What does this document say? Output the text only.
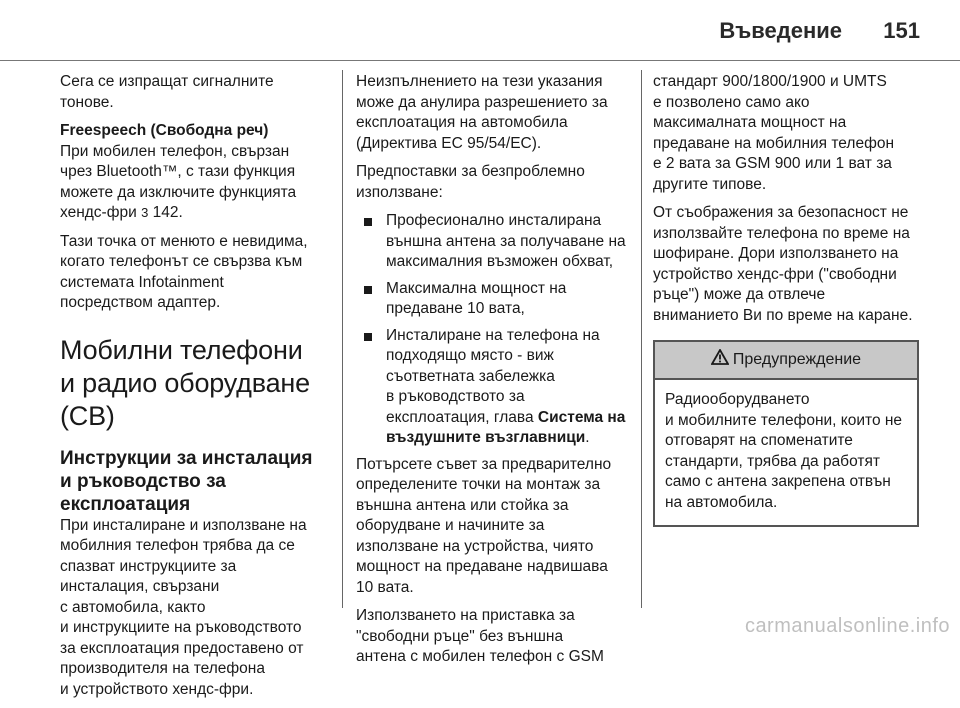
Въведение 151

Сега се изпращат сигналните
тонове.

Freespeech (Свободна реч)

При мобилен телефон, свързан
чрез Bluetooth™, с тази функция
можете да изключите функцията
хендс-фри 3 142.

Тази точка от менюто е невидима,
когато телефонът се свързва към
системата Infotainment
посредством адаптер.

Мобилни телефони
и радио оборудване (CB)
Инструкции за инсталация
и ръководство за
експлоатация

При инсталиране и използване на
мобилния телефон трябва да се
спазват инструкциите за
инсталация, свързани
с автомобила, както
и инструкциите на ръководството
за експлоатация предоставено от
производителя на телефона
и устройството хендс-фри.

Неизпълнението на тези указания
може да анулира разрешението за
експлоатация на автомобила
(Директива ЕС 95/54/ЕС).

Предпоставки за безпроблемно
използване:

Професионално инсталирана
външна антена за получаване на
максималния възможен обхват,
Максимална мощност на
предаване 10 вата,
Инсталиране на телефона на
подходящо място - виж
съответната забележка
в ръководството за
експлоатация, глава Система на
въздушните възглавници.

Потърсете съвет за предварително
определените точки на монтаж за
външна антена или стойка за
оборудване и начините за
използване на устройства, чиято
мощност на предаване надвишава
10 вата.

Използването на приставка за
"свободни ръце" без външна
антена с мобилен телефон с GSM

стандарт 900/1800/1900 и UMTS
е позволено само ако
максималната мощност на
предаване на мобилния телефон
е 2 вата за GSM 900 или 1 ват за
другите типове.

От съображения за безопасност не
използвайте телефона по време на
шофиране. Дори използването на
устройство хендс-фри ("свободни
ръце") може да отвлече
вниманието Ви по време на каране.

Предупреждение
Радиооборудването
и мобилните телефони, които не
отговарят на споменатите
стандарти, трябва да работят
само с антена закрепена отвън
на автомобила.
carmanualsonline.info
